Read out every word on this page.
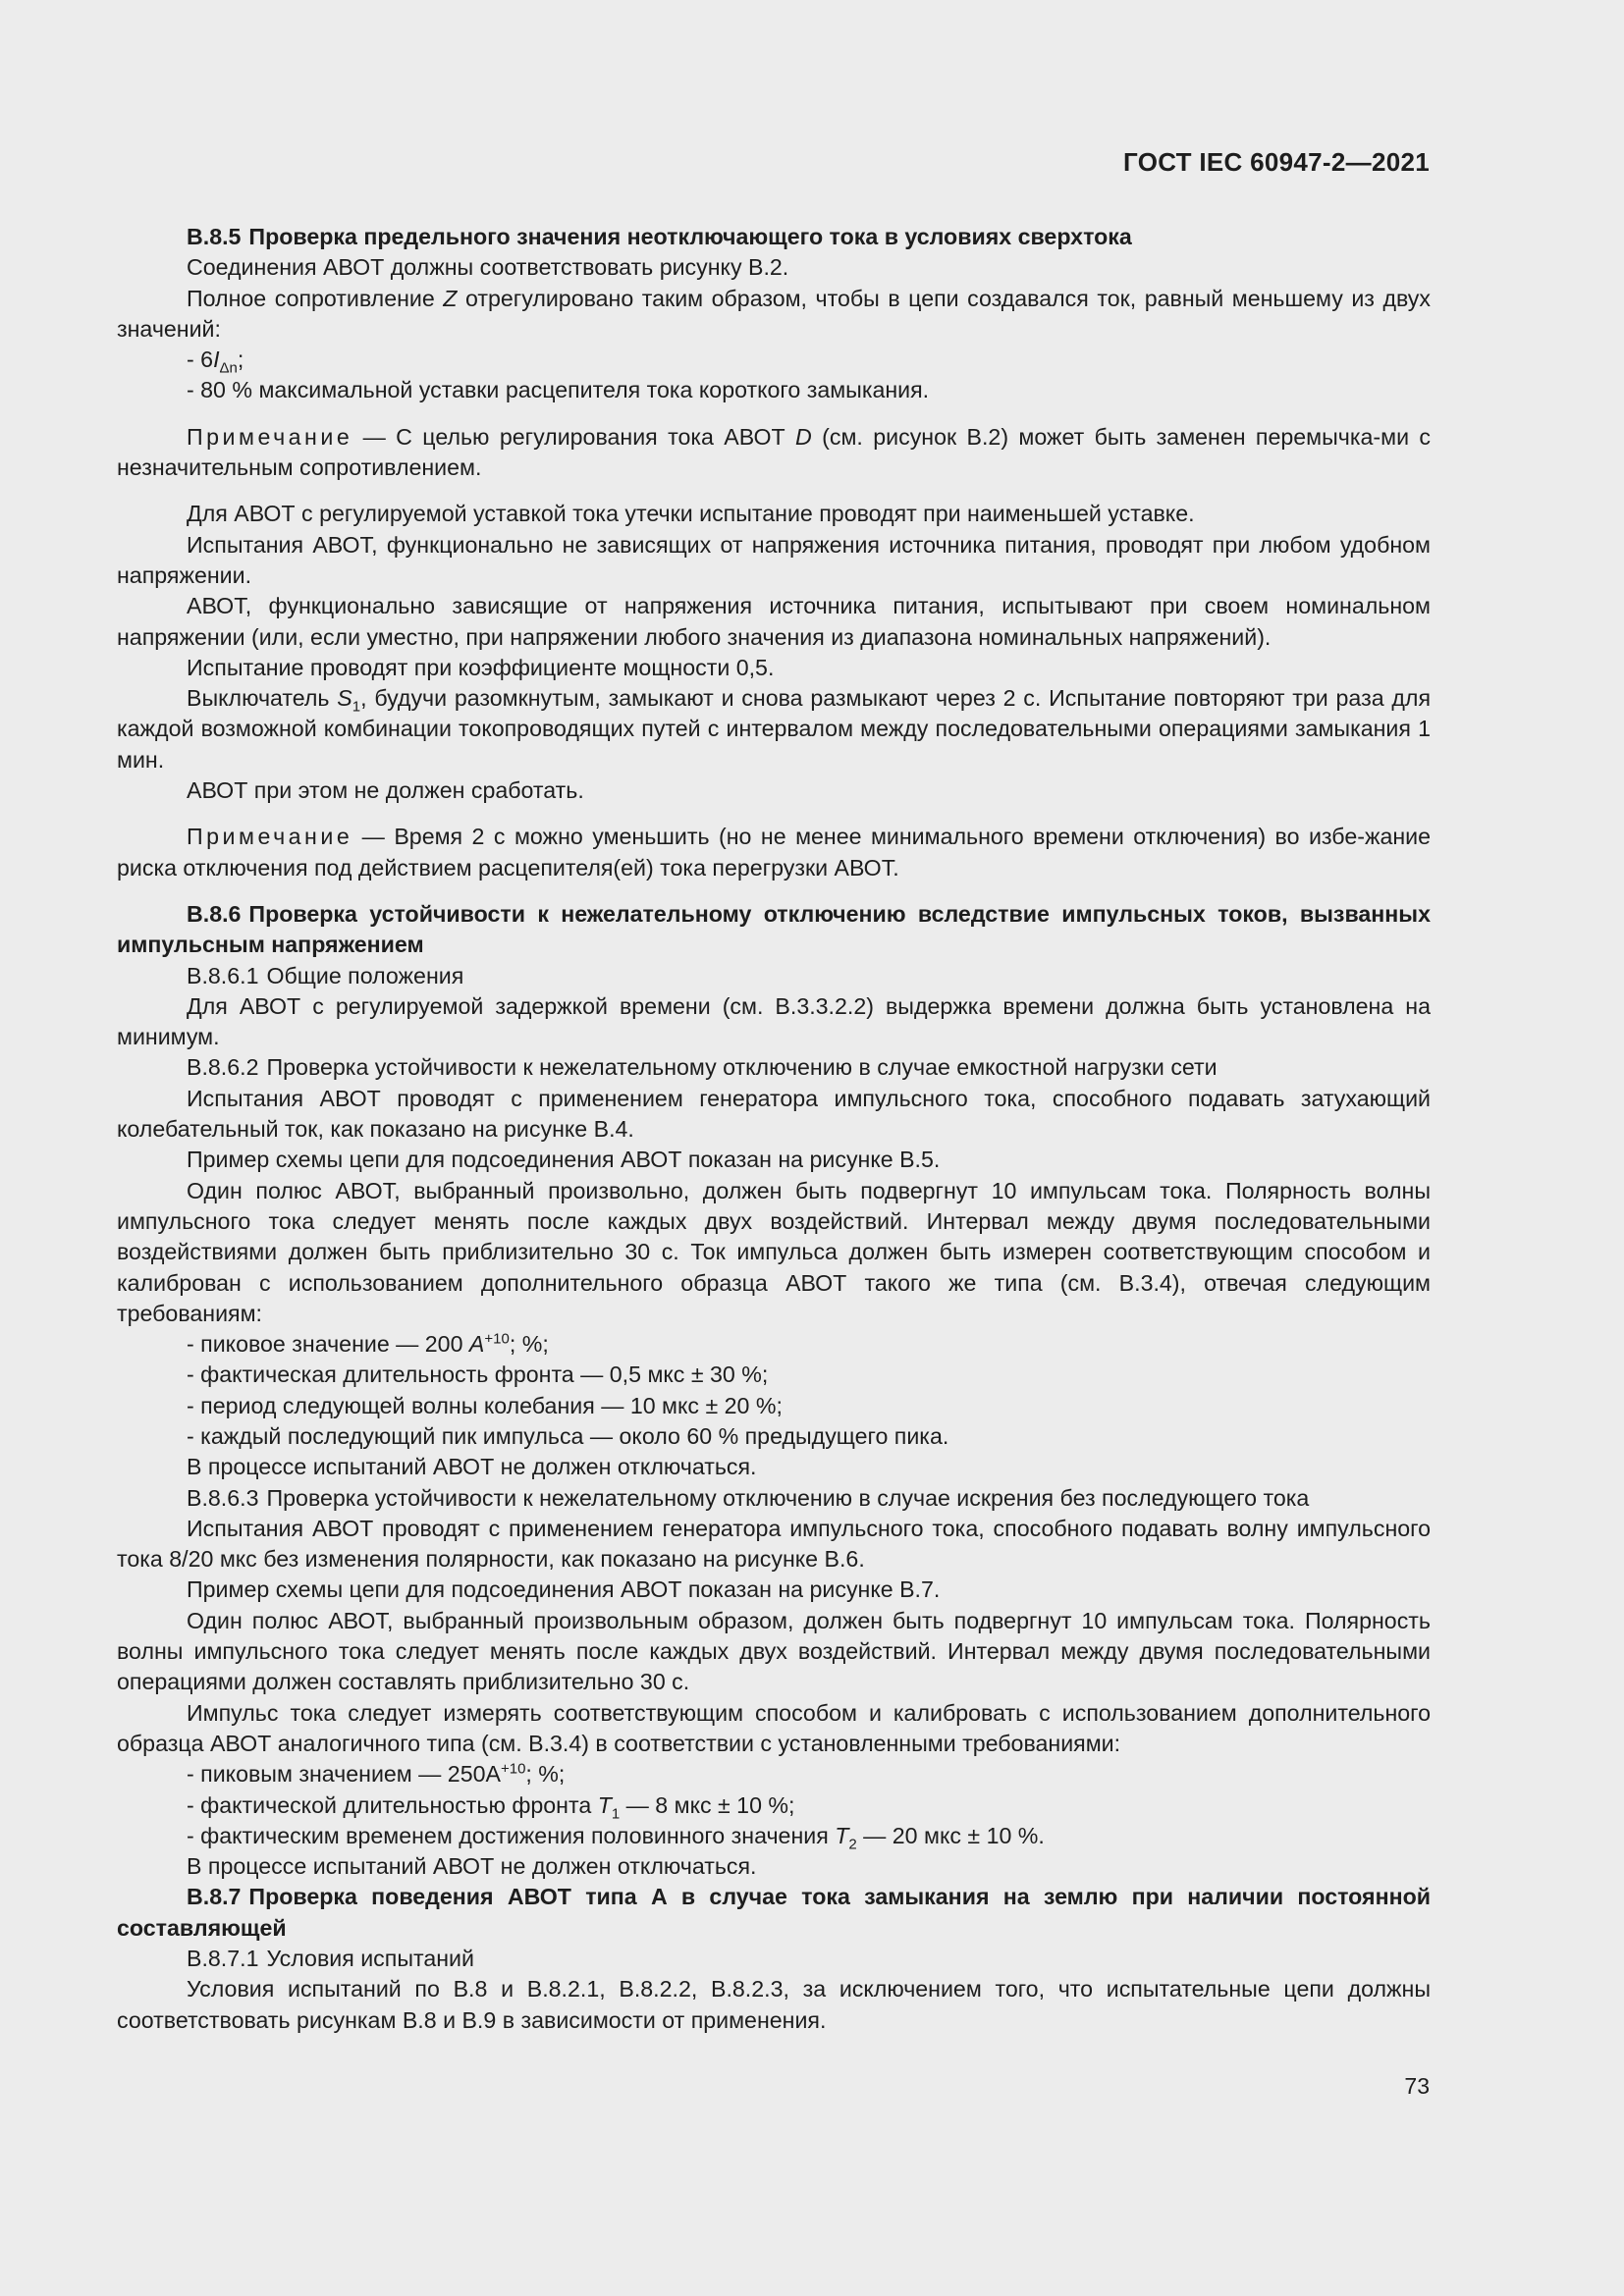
ГОСТ IEC 60947-2—2021

В.8.5 Проверка предельного значения неотключающего тока в условиях сверхтока

Соединения АВОТ должны соответствовать рисунку В.2.

Полное сопротивление Z отрегулировано таким образом, чтобы в цепи создавался ток, равный меньшему из двух значений:

- $6I_{\Delta n}$;

- 80 % максимальной уставки расцепителя тока короткого замыкания.

Примечание — С целью регулирования тока АВОТ D (см. рисунок В.2) может быть заменен перемычка-ми с незначительным сопротивлением.

Для АВОТ с регулируемой уставкой тока утечки испытание проводят при наименьшей уставке.

Испытания АВОТ, функционально не зависящих от напряжения источника питания, проводят при любом удобном напряжении.

АВОТ, функционально зависящие от напряжения источника питания, испытывают при своем номинальном напряжении (или, если уместно, при напряжении любого значения из диапазона номинальных напряжений).

Испытание проводят при коэффициенте мощности 0,5.

Выключатель $S_1$, будучи разомкнутым, замыкают и снова размыкают через 2 с. Испытание повторяют три раза для каждой возможной комбинации токопроводящих путей с интервалом между последовательными операциями замыкания 1 мин.

АВОТ при этом не должен сработать.

Примечание — Время 2 с можно уменьшить (но не менее минимального времени отключения) во избе-жание риска отключения под действием расцепителя(ей) тока перегрузки АВОТ.

В.8.6 Проверка устойчивости к нежелательному отключению вследствие импульсных токов, вызванных импульсным напряжением

В.8.6.1 Общие положения

Для АВОТ с регулируемой задержкой времени (см. В.3.3.2.2) выдержка времени должна быть установлена на минимум.

В.8.6.2 Проверка устойчивости к нежелательному отключению в случае емкостной нагрузки сети

Испытания АВОТ проводят с применением генератора импульсного тока, способного подавать затухающий колебательный ток, как показано на рисунке В.4.

Пример схемы цепи для подсоединения АВОТ показан на рисунке В.5.

Один полюс АВОТ, выбранный произвольно, должен быть подвергнут 10 импульсам тока. Полярность волны импульсного тока следует менять после каждых двух воздействий. Интервал между двумя последовательными воздействиями должен быть приблизительно 30 с. Ток импульса должен быть измерен соответствующим способом и калиброван с использованием дополнительного образца АВОТ такого же типа (см. В.3.4), отвечая следующим требованиям:

- пиковое значение — 200 $A^{+10}$; %;

- фактическая длительность фронта — 0,5 мкс ± 30 %;

- период следующей волны колебания — 10 мкс ± 20 %;

- каждый последующий пик импульса — около 60 % предыдущего пика.

В процессе испытаний АВОТ не должен отключаться.

В.8.6.3 Проверка устойчивости к нежелательному отключению в случае искрения без последующего тока

Испытания АВОТ проводят с применением генератора импульсного тока, способного подавать волну импульсного тока 8/20 мкс без изменения полярности, как показано на рисунке В.6.

Пример схемы цепи для подсоединения АВОТ показан на рисунке В.7.

Один полюс АВОТ, выбранный произвольным образом, должен быть подвергнут 10 импульсам тока. Полярность волны импульсного тока следует менять после каждых двух воздействий. Интервал между двумя последовательными операциями должен составлять приблизительно 30 с.

Импульс тока следует измерять соответствующим способом и калибровать с использованием дополнительного образца АВОТ аналогичного типа (см. В.3.4) в соответствии с установленными требованиями:

- пиковым значением — $250А^{+10}$; %;

- фактической длительностью фронта $T_1$ — 8 мкс ± 10 %;

- фактическим временем достижения половинного значения $T_2$ — 20 мкс ± 10 %.

В процессе испытаний АВОТ не должен отключаться.

В.8.7 Проверка поведения АВОТ типа А в случае тока замыкания на землю при наличии постоянной составляющей

В.8.7.1 Условия испытаний

Условия испытаний по В.8 и В.8.2.1, В.8.2.2, В.8.2.3, за исключением того, что испытательные цепи должны соответствовать рисункам В.8 и В.9 в зависимости от применения.

73
